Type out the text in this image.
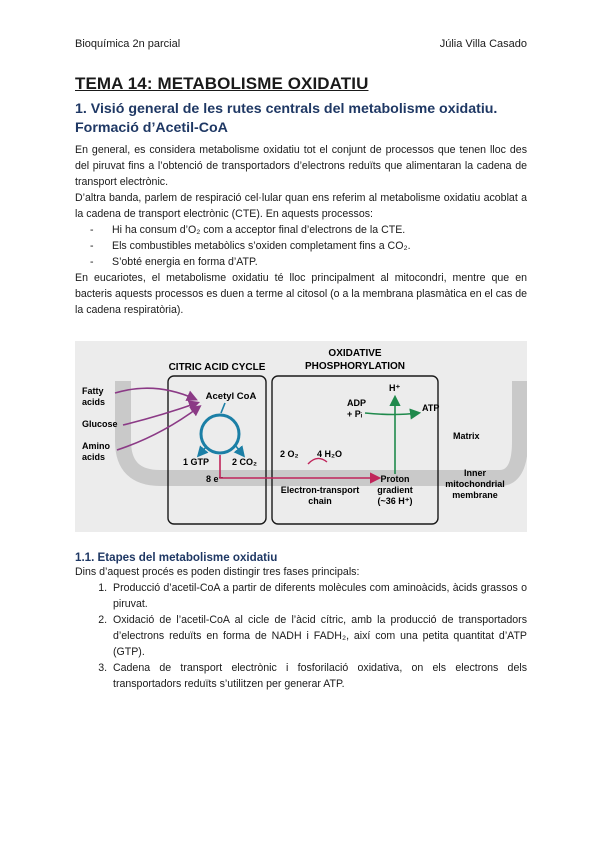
Bioquímica 2n parcial	Júlia Villa Casado
TEMA 14: METABOLISME OXIDATIU
1. Visió general de les rutes centrals del metabolisme oxidatiu. Formació d’Acetil-CoA

En general, es considera metabolisme oxidatiu tot el conjunt de processos que tenen lloc des del piruvat fins a l’obtenció de transportadors d’electrons reduïts que alimentaran la cadena de transport electrònic.

D’altra banda, parlem de respiració cel·lular quan ens referim al metabolisme oxidatiu acoblat a la cadena de transport electrònic (CTE). En aquests processos:

- Hi ha consum d’O₂ com a acceptor final d’electrons de la CTE.
- Els combustibles metabòlics s’oxiden completament fins a CO₂.
- S’obté energia en forma d’ATP.

En eucariotes, el metabolisme oxidatiu té lloc principalment al mitocondri, mentre que en bacteris aquests processos es duen a terme al citosol (o a la membrana plasmàtica en el cas de la cadena respiratòria).

CITRIC ACID CYCLE
OXIDATIVE
PHOSPHORYLATION
Fatty
acids
Glucose
Amino
acids
Acetyl CoA
1 GTP	2 CO₂
8 e⁻
2 O₂ 4 H₂O
H⁺
ADP
+ Pᵢ
ATP
Matrix
Inner
mitochondrial
membrane
Proton
gradient
(~36 H⁺)
Electron-transport
chain
1.1. Etapes del metabolisme oxidatiu

Dins d’aquest procés es poden distingir tres fases principals:

1. Producció d’acetil-CoA a partir de diferents molècules com aminoàcids, àcids grassos o piruvat.
2. Oxidació de l’acetil-CoA al cicle de l’àcid cítric, amb la producció de transportadors d’electrons reduïts en forma de NADH i FADH₂, així com una petita quantitat d’ATP (GTP).
3. Cadena de transport electrònic i fosforilació oxidativa, on els electrons dels transportadors reduïts s’utilitzen per generar ATP.
